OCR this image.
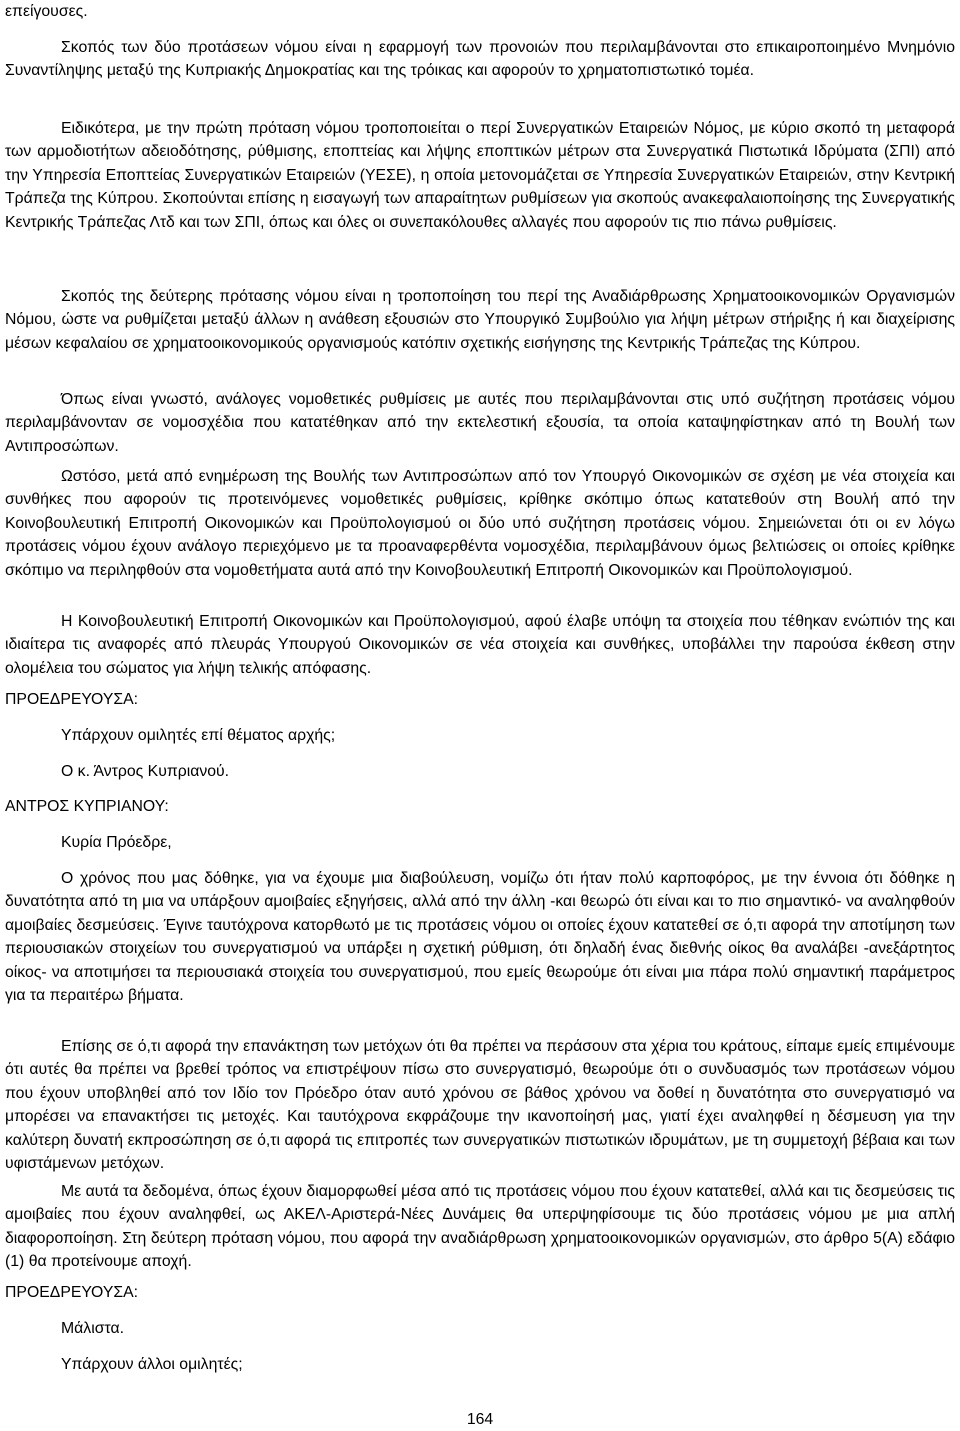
επείγουσες.

Σκοπός των δύο προτάσεων νόμου είναι η εφαρμογή των προνοιών που περιλαμβάνονται στο επικαιροποιημένο Μνημόνιο Συναντίληψης μεταξύ της Κυπριακής Δημοκρατίας και της τρόικας και αφορούν το χρηματοπιστωτικό τομέα.

Ειδικότερα, με την πρώτη πρόταση νόμου τροποποιείται ο περί Συνεργατικών Εταιρειών Νόμος, με κύριο σκοπό τη μεταφορά των αρμοδιοτήτων αδειοδότησης, ρύθμισης, εποπτείας και λήψης εποπτικών μέτρων στα Συνεργατικά Πιστωτικά Ιδρύματα (ΣΠΙ) από την Υπηρεσία Εποπτείας Συνεργατικών Εταιρειών (ΥΕΣΕ), η οποία μετονομάζεται σε Υπηρεσία Συνεργατικών Εταιρειών, στην Κεντρική Τράπεζα της Κύπρου. Σκοπούνται επίσης η εισαγωγή των απαραίτητων ρυθμίσεων για σκοπούς ανακεφαλαιοποίησης της Συνεργατικής Κεντρικής Τράπεζας Λτδ και των ΣΠΙ, όπως και όλες οι συνεπακόλουθες αλλαγές που αφορούν τις πιο πάνω ρυθμίσεις.

Σκοπός της δεύτερης πρότασης νόμου είναι η τροποποίηση του περί της Αναδιάρθρωσης Χρηματοοικονομικών Οργανισμών Νόμου, ώστε να ρυθμίζεται μεταξύ άλλων η ανάθεση εξουσιών στο Υπουργικό Συμβούλιο για λήψη μέτρων στήριξης ή και διαχείρισης μέσων κεφαλαίου σε χρηματοοικονομικούς οργανισμούς κατόπιν σχετικής εισήγησης της Κεντρικής Τράπεζας της Κύπρου.

Όπως είναι γνωστό, ανάλογες νομοθετικές ρυθμίσεις με αυτές που περιλαμβάνονται στις υπό συζήτηση προτάσεις νόμου περιλαμβάνονταν σε νομοσχέδια που κατατέθηκαν από την εκτελεστική εξουσία, τα οποία καταψηφίστηκαν από τη Βουλή των Αντιπροσώπων.

Ωστόσο, μετά από ενημέρωση της Βουλής των Αντιπροσώπων από τον Υπουργό Οικονομικών σε σχέση με νέα στοιχεία και συνθήκες που αφορούν τις προτεινόμενες νομοθετικές ρυθμίσεις, κρίθηκε σκόπιμο όπως κατατεθούν στη Βουλή από την Κοινοβουλευτική Επιτροπή Οικονομικών και Προϋπολογισμού οι δύο υπό συζήτηση προτάσεις νόμου. Σημειώνεται ότι οι εν λόγω προτάσεις νόμου έχουν ανάλογο περιεχόμενο με τα προαναφερθέντα νομοσχέδια, περιλαμβάνουν όμως βελτιώσεις οι οποίες κρίθηκε σκόπιμο να περιληφθούν στα νομοθετήματα αυτά από την Κοινοβουλευτική Επιτροπή Οικονομικών και Προϋπολογισμού.

Η Κοινοβουλευτική Επιτροπή Οικονομικών και Προϋπολογισμού, αφού έλαβε υπόψη τα στοιχεία που τέθηκαν ενώπιόν της και ιδιαίτερα τις αναφορές από πλευράς Υπουργού Οικονομικών σε νέα στοιχεία και συνθήκες, υποβάλλει την παρούσα έκθεση στην ολομέλεια του σώματος για λήψη τελικής απόφασης.

ΠΡΟΕΔΡΕΥΟΥΣΑ:

Υπάρχουν ομιλητές επί θέματος αρχής;

Ο κ. Άντρος Κυπριανού.

ΑΝΤΡΟΣ ΚΥΠΡΙΑΝΟΥ:

Κυρία Πρόεδρε,

Ο χρόνος που μας δόθηκε, για να έχουμε μια διαβούλευση, νομίζω ότι ήταν πολύ καρποφόρος, με την έννοια ότι δόθηκε η δυνατότητα από τη μια να υπάρξουν αμοιβαίες εξηγήσεις, αλλά από την άλλη -και θεωρώ ότι είναι και το πιο σημαντικό- να αναληφθούν αμοιβαίες δεσμεύσεις. Έγινε ταυτόχρονα κατορθωτό με τις προτάσεις νόμου οι οποίες έχουν κατατεθεί σε ό,τι αφορά την αποτίμηση των περιουσιακών στοιχείων του συνεργατισμού να υπάρξει η σχετική ρύθμιση, ότι δηλαδή ένας διεθνής οίκος θα αναλάβει -ανεξάρτητος οίκος- να αποτιμήσει τα περιουσιακά στοιχεία του συνεργατισμού, που εμείς θεωρούμε ότι είναι μια πάρα πολύ σημαντική παράμετρος για τα περαιτέρω βήματα.

Επίσης σε ό,τι αφορά την επανάκτηση των μετόχων ότι θα πρέπει να περάσουν στα χέρια του κράτους, είπαμε εμείς επιμένουμε ότι αυτές θα πρέπει να βρεθεί τρόπος να επιστρέψουν πίσω στο συνεργατισμό, θεωρούμε ότι ο συνδυασμός των προτάσεων νόμου που έχουν υποβληθεί από τον Ιδίο τον Πρόεδρο όταν αυτό χρόνου σε βάθος χρόνου να δοθεί η δυνατότητα στο συνεργατισμό να μπορέσει να επανακτήσει τις μετοχές. Και ταυτόχρονα εκφράζουμε την ικανοποίησή μας, γιατί έχει αναληφθεί η δέσμευση για την καλύτερη δυνατή εκπροσώπηση σε ό,τι αφορά τις επιτροπές των συνεργατικών πιστωτικών ιδρυμάτων, με τη συμμετοχή βέβαια και των υφιστάμενων μετόχων.

Με αυτά τα δεδομένα, όπως έχουν διαμορφωθεί μέσα από τις προτάσεις νόμου που έχουν κατατεθεί, αλλά και τις δεσμεύσεις τις αμοιβαίες που έχουν αναληφθεί, ως ΑΚΕΛ-Αριστερά-Νέες Δυνάμεις θα υπερψηφίσουμε τις δύο προτάσεις νόμου με μια απλή διαφοροποίηση. Στη δεύτερη πρόταση νόμου, που αφορά την αναδιάρθρωση χρηματοοικονομικών οργανισμών, στο άρθρο 5(Α) εδάφιο (1) θα προτείνουμε αποχή.

ΠΡΟΕΔΡΕΥΟΥΣΑ:

Μάλιστα.

Υπάρχουν άλλοι ομιλητές;

164
